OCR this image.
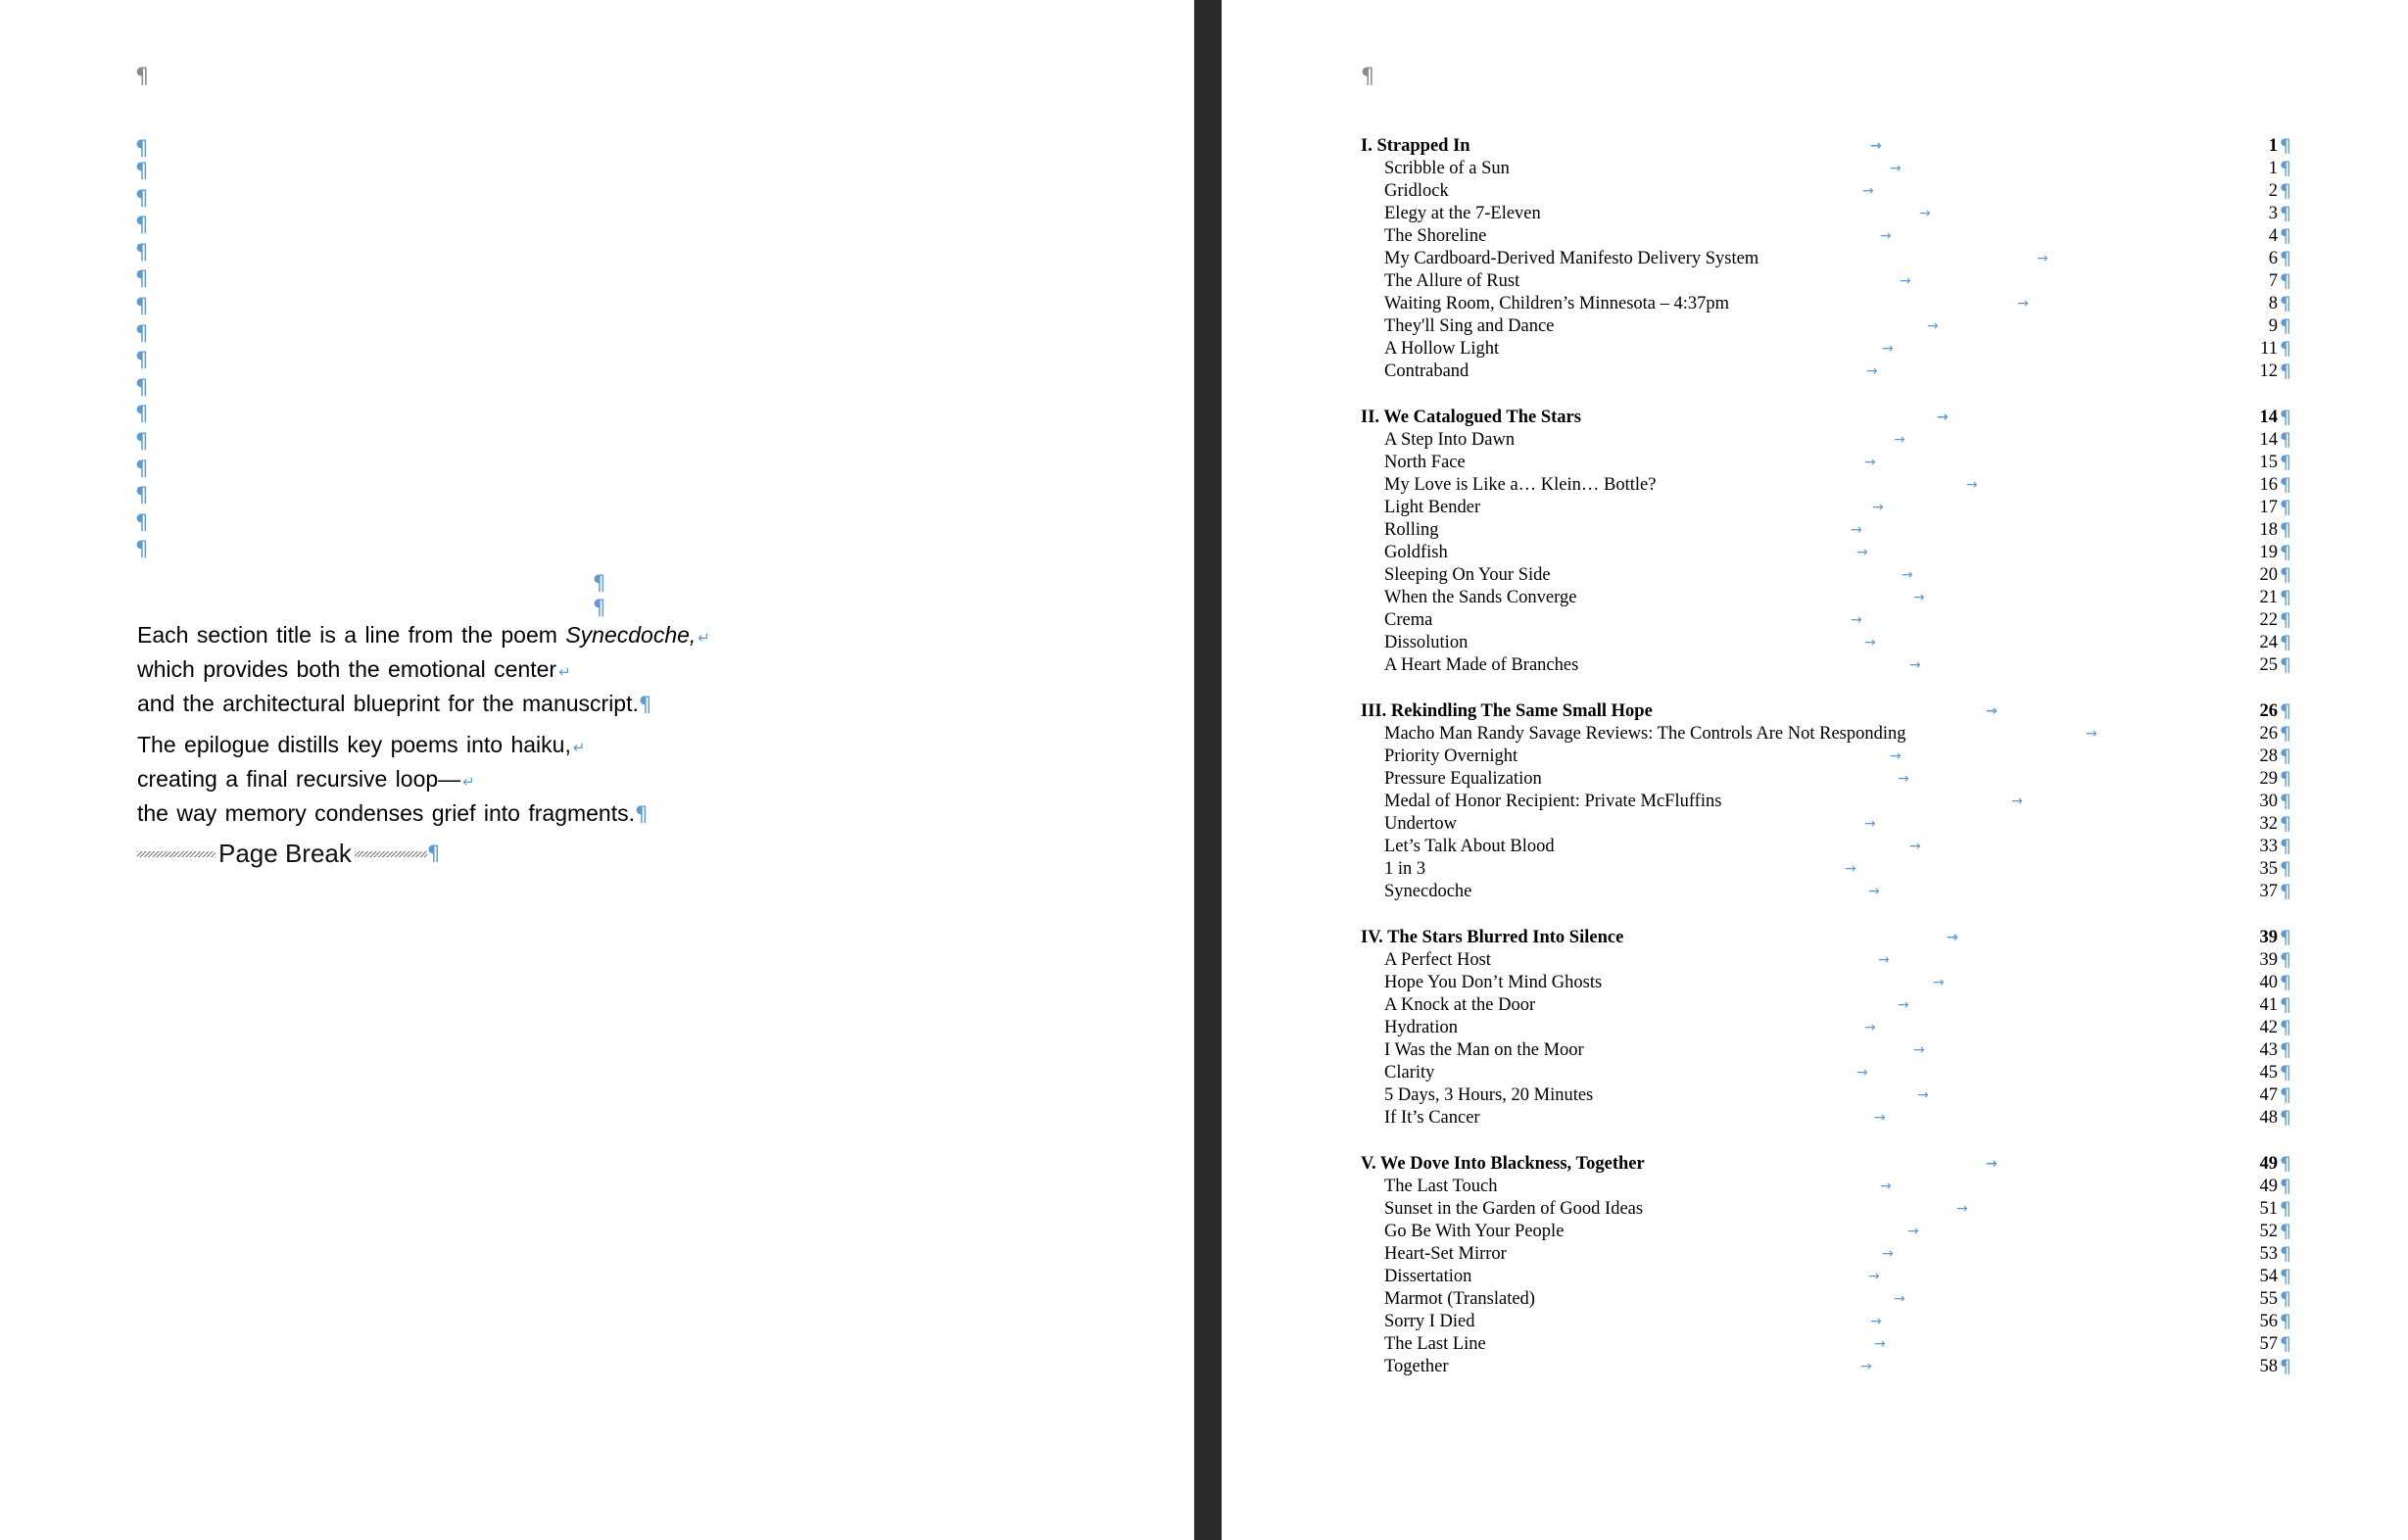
¶
¶
¶
¶
¶
¶
¶
¶
¶
¶
¶
¶
¶
¶
¶
¶
¶
¶
¶
Each section title is a line from the poem Synecdoche, ↵
which provides both the emotional center ↵
and the architectural blueprint for the manuscript.¶
The epilogue distills key poems into haiku, ↵
creating a final recursive loop— ↵
the way memory condenses grief into fragments.¶
Page Break	¶
¶
I. Strapped In	→	1 ¶
Scribble of a Sun	→	1 ¶
Gridlock	→	2 ¶
Elegy at the 7-Eleven	→	3 ¶
The Shoreline	→	4 ¶
My Cardboard-Derived Manifesto Delivery System	→	6 ¶
The Allure of Rust	→	7 ¶
Waiting Room, Children’s Minnesota – 4:37pm	→	8 ¶
They'll Sing and Dance	→	9 ¶
A Hollow Light	→	11 ¶
Contraband	→	12 ¶
II. We Catalogued The Stars	→	14 ¶
A Step Into Dawn	→	14 ¶
North Face	→	15 ¶
My Love is Like a… Klein… Bottle?	→	16 ¶
Light Bender	→	17 ¶
Rolling	→	18 ¶
Goldfish	→	19 ¶
Sleeping On Your Side	→	20 ¶
When the Sands Converge	→	21 ¶
Crema	→	22 ¶
Dissolution	→	24 ¶
A Heart Made of Branches	→	25 ¶
III. Rekindling The Same Small Hope	→	26 ¶
Macho Man Randy Savage Reviews: The Controls Are Not Responding	→	26 ¶
Priority Overnight	→	28 ¶
Pressure Equalization	→	29 ¶
Medal of Honor Recipient: Private McFluffins	→	30 ¶
Undertow	→	32 ¶
Let’s Talk About Blood	→	33 ¶
1 in 3	→	35 ¶
Synecdoche	→	37 ¶
IV. The Stars Blurred Into Silence	→	39 ¶
A Perfect Host	→	39 ¶
Hope You Don’t Mind Ghosts	→	40 ¶
A Knock at the Door	→	41 ¶
Hydration	→	42 ¶
I Was the Man on the Moor	→	43 ¶
Clarity	→	45 ¶
5 Days, 3 Hours, 20 Minutes	→	47 ¶
If It’s Cancer	→	48 ¶
V. We Dove Into Blackness, Together	→	49 ¶
The Last Touch	→	49 ¶
Sunset in the Garden of Good Ideas	→	51 ¶
Go Be With Your People	→	52 ¶
Heart-Set Mirror	→	53 ¶
Dissertation	→	54 ¶
Marmot (Translated)	→	55 ¶
Sorry I Died	→	56 ¶
The Last Line	→	57 ¶
Together	→	58 ¶
